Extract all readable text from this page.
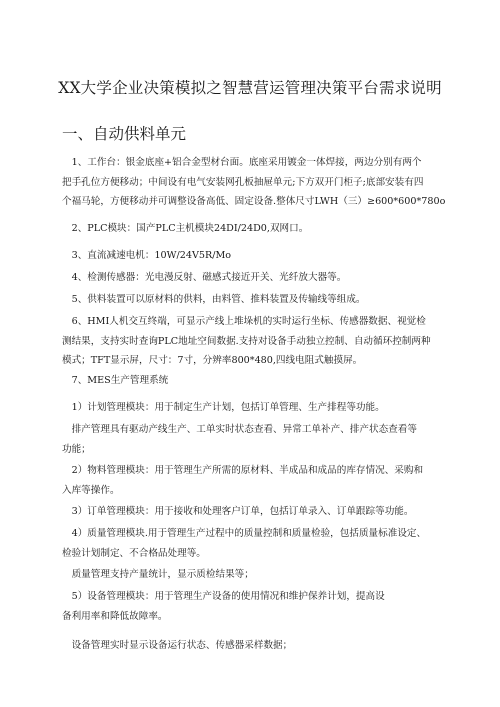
XX大学企业决策模拟之智慧营运管理决策平台需求说明
一、自动供料单元
　1、工作台：银金底座+铝合金型材台面。底座采用镀金一体焊接，两边分别有两个
把手孔位方便移动；中间设有电气安装网孔板抽屉单元;下方双开门柜子;底部安装有四
个福马轮，方便移动并可调整设备高低、固定设备.整体尺寸LWH（三）≥600*600*780o
　2、PLC模块：国产PLC主机模块24DI/24D0,双网口。
　3、直流减速电机：10W/24V5R/Mo
　4、检测传感器：光电漫反射、磁感式接近开关、光纤放大器等。
　5、供料装置可以原材料的供料，由料管、推料装置及传输线等组成。
　6、HMI人机交互终端，可显示产线上堆垛机的实时运行坐标、传感器数据、视觉检
测结果，支持实时查询PLC地址空间数据.支持对设备手动独立控制、自动循环控制两种
模式；TFT显示屏，尺寸：7寸，分辨率800*480,四线电阻式触摸屏。
　7、MES生产管理系统
　1）计划管理模块：用于制定生产计划，包括订单管理、生产排程等功能。
　排产管理具有驱动产线生产、工单实时状态查看、异常工单补产、排产状态查看等
功能；
　2）物料管理模块：用于管理生产所需的原材料、半成品和成品的库存情况、采购和
入库等操作。
　3）订单管理模块：用于接收和处理客户订单，包括订单录入、订单跟踪等功能。
　4）质量管理模块.用于管理生产过程中的质量控制和质量检验，包括质量标准设定、
检验计划制定、不合格品处理等。
　质量管理支持产量统计，显示质检结果等；
　5）设备管理模块：用于管理生产设备的使用情况和维护保养计划，提高设
备利用率和降低故障率。
　设备管理实时显示设备运行状态、传感器采样数据；
